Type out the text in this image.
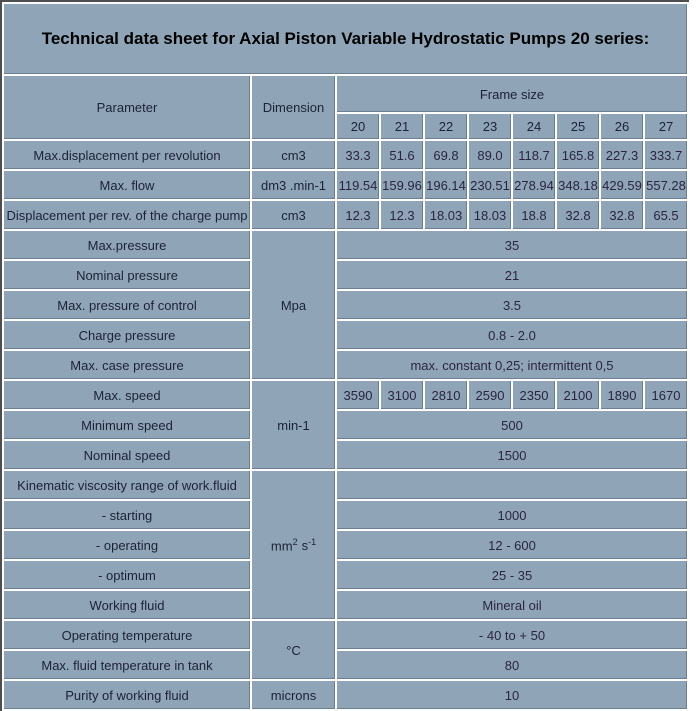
Technical data sheet for Axial Piston Variable Hydrostatic Pumps 20 series:									
Parameter	Dimension	Frame size							
		20	21	22	23	24	25	26	27
Max.displacement per revolution	cm3	33.3	51.6	69.8	89.0	118.7	165.8	227.3	333.7
Max. flow	dm3 .min-1	119.54	159.96	196.14	230.51	278.94	348.18	429.59	557.28
Displacement per rev. of the charge pump	cm3	12.3	12.3	18.03	18.03	18.8	32.8	32.8	65.5
Max.pressure	Mpa	35							
Nominal pressure		21							
Max. pressure of control		3.5							
Charge pressure		0.8 - 2.0							
Max. case pressure		max. constant 0,25; intermittent 0,5							
Max. speed	min-1	3590	3100	2810	2590	2350	2100	1890	1670
Minimum speed		500							
Nominal speed		1500							
Kinematic viscosity range of work.fluid	$mm^2$ $s^{-1}$	
- starting		1000							
- operating		12 - 600							
- optimum		25 - 35							
Working fluid		Mineral oil							
Operating temperature	°C	- 40 to + 50							
Max. fluid temperature in tank		80							
Purity of working fluid	microns	10							
